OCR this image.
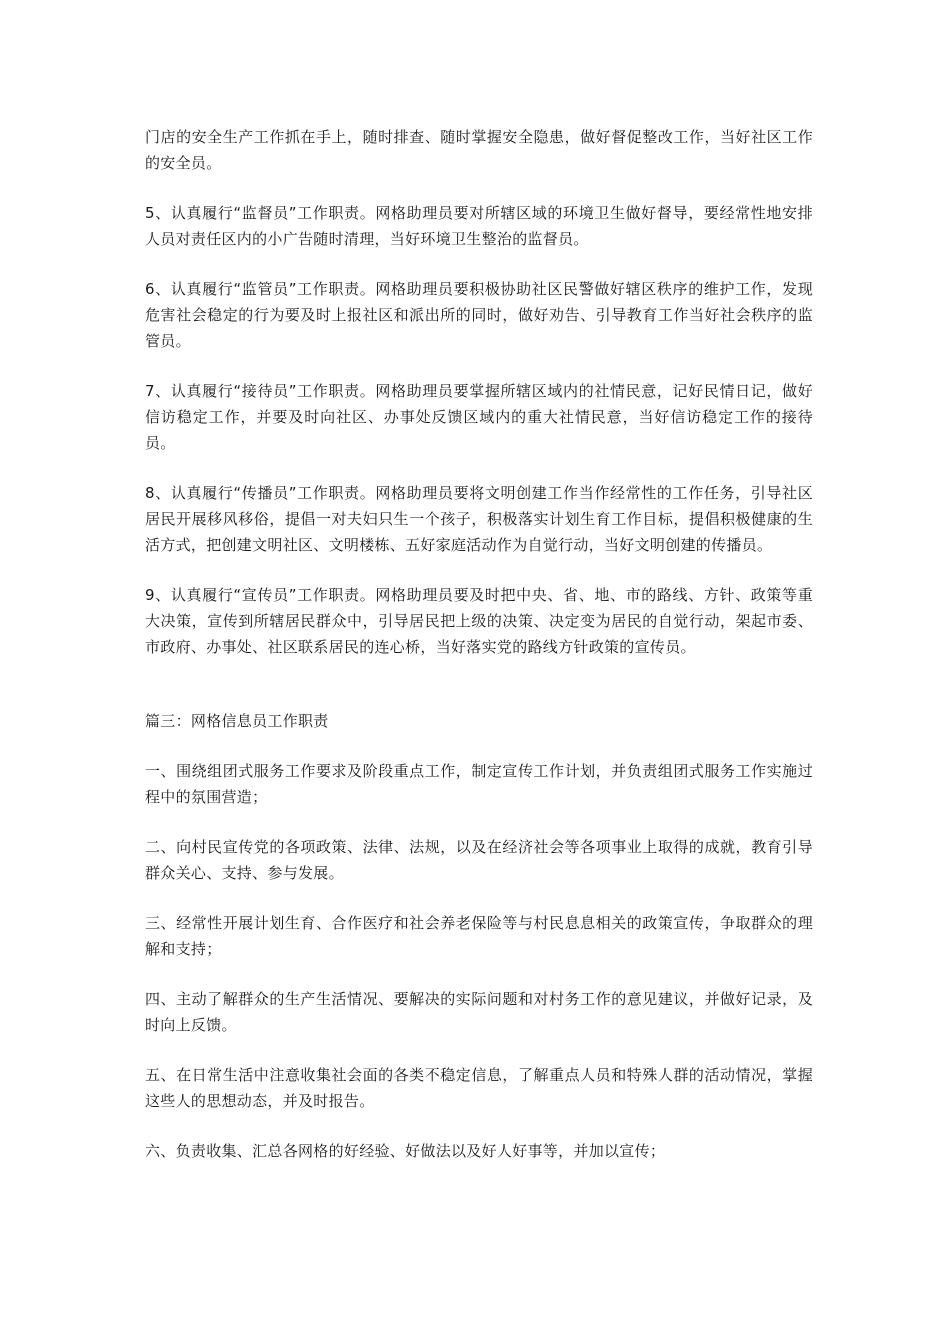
门店的安全生产工作抓在手上，随时排查、随时掌握安全隐患，做好督促整改工作，当好社区工作的安全员。

5、认真履行“监督员”工作职责。网格助理员要对所辖区域的环境卫生做好督导，要经常性地安排人员对责任区内的小广告随时清理，当好环境卫生整治的监督员。

6、认真履行“监管员”工作职责。网格助理员要积极协助社区民警做好辖区秩序的维护工作，发现危害社会稳定的行为要及时上报社区和派出所的同时，做好劝告、引导教育工作当好社会秩序的监管员。

7、认真履行“接待员”工作职责。网格助理员要掌握所辖区域内的社情民意，记好民情日记，做好信访稳定工作，并要及时向社区、办事处反馈区域内的重大社情民意，当好信访稳定工作的接待员。

8、认真履行“传播员”工作职责。网格助理员要将文明创建工作当作经常性的工作任务，引导社区居民开展移风移俗，提倡一对夫妇只生一个孩子，积极落实计划生育工作目标，提倡积极健康的生活方式，把创建文明社区、文明楼栋、五好家庭活动作为自觉行动，当好文明创建的传播员。

9、认真履行“宣传员”工作职责。网格助理员要及时把中央、省、地、市的路线、方针、政策等重大决策，宣传到所辖居民群众中，引导居民把上级的决策、决定变为居民的自觉行动，架起市委、市政府、办事处、社区联系居民的连心桥，当好落实党的路线方针政策的宣传员。

篇三：网格信息员工作职责

一、围绕组团式服务工作要求及阶段重点工作，制定宣传工作计划，并负责组团式服务工作实施过程中的氛围营造；

二、向村民宣传党的各项政策、法律、法规，以及在经济社会等各项事业上取得的成就，教育引导群众关心、支持、参与发展。

三、经常性开展计划生育、合作医疗和社会养老保险等与村民息息相关的政策宣传，争取群众的理解和支持；

四、主动了解群众的生产生活情况、要解决的实际问题和对村务工作的意见建议，并做好记录，及时向上反馈。

五、在日常生活中注意收集社会面的各类不稳定信息，了解重点人员和特殊人群的活动情况，掌握这些人的思想动态，并及时报告。

六、负责收集、汇总各网格的好经验、好做法以及好人好事等，并加以宣传；
